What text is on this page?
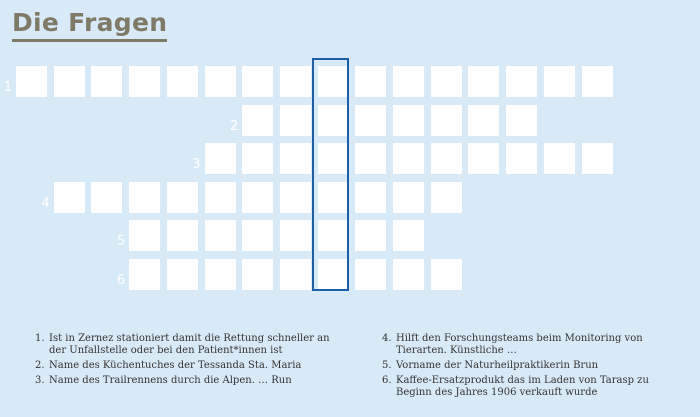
Die Fragen
1
2
3
4
5
6
1. Ist in Zernez stationiert damit die Rettung schneller an der Unfallstelle oder bei den Patient*innen ist
2. Name des Küchentuches der Tessanda Sta. Maria
3. Name des Trailrennens durch die Alpen. … Run
4. Hilft den Forschungsteams beim Monitoring von Tierarten. Künstliche …
5. Vorname der Naturheilpraktikerin Brun
6. Kaffee-Ersatzprodukt das im Laden von Tarasp zu Beginn des Jahres 1906 verkauft wurde
